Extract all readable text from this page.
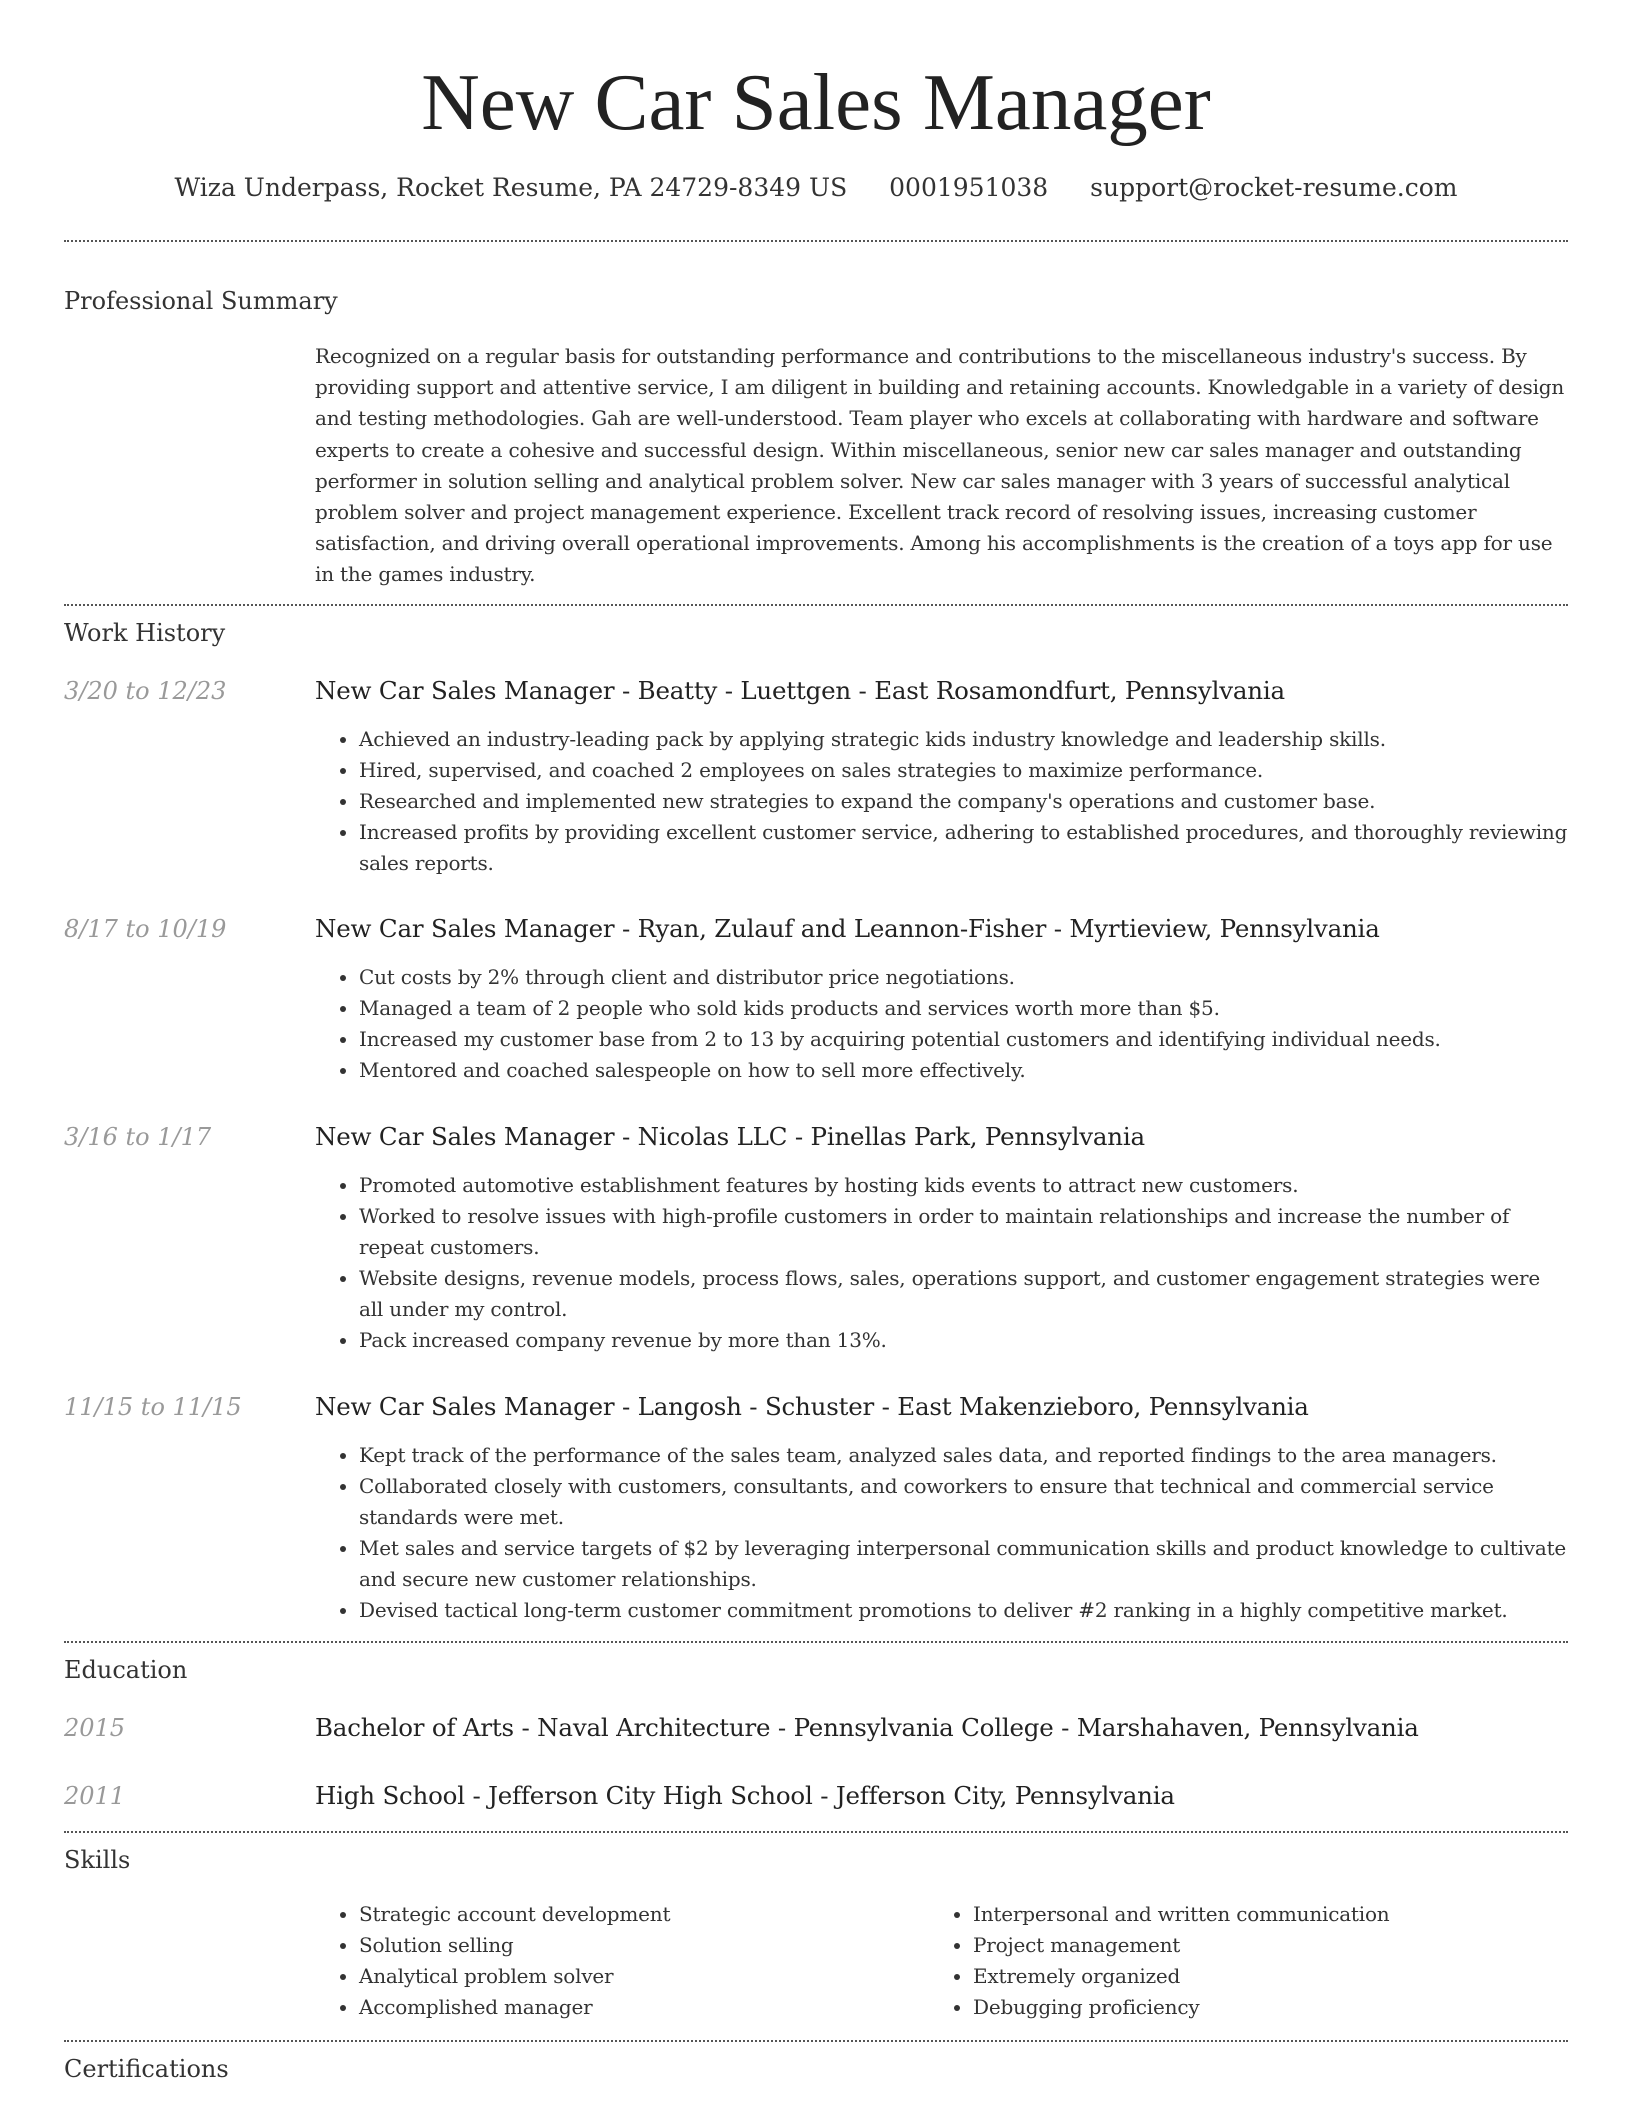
New Car Sales Manager
Wiza Underpass, Rocket Resume, PA 24729-8349 US 0001951038 support@rocket-resume.com
Professional Summary

Recognized on a regular basis for outstanding performance and contributions to the miscellaneous industry's success. By providing support and attentive service, I am diligent in building and retaining accounts. Knowledgable in a variety of design and testing methodologies. Gah are well-understood. Team player who excels at collaborating with hardware and software experts to create a cohesive and successful design. Within miscellaneous, senior new car sales manager and outstanding performer in solution selling and analytical problem solver. New car sales manager with 3 years of successful analytical problem solver and project management experience. Excellent track record of resolving issues, increasing customer satisfaction, and driving overall operational improvements. Among his accomplishments is the creation of a toys app for use in the games industry.

Work History
3/20 to 12/23	New Car Sales Manager - Beatty - Luettgen - East Rosamondfurt, Pennsylvania
• Achieved an industry-leading pack by applying strategic kids industry knowledge and leadership skills.
• Hired, supervised, and coached 2 employees on sales strategies to maximize performance.
• Researched and implemented new strategies to expand the company's operations and customer base.
• Increased profits by providing excellent customer service, adhering to established procedures, and thoroughly reviewing sales reports.
8/17 to 10/19	New Car Sales Manager - Ryan, Zulauf and Leannon-Fisher - Myrtieview, Pennsylvania
• Cut costs by 2% through client and distributor price negotiations.
• Managed a team of 2 people who sold kids products and services worth more than $5.
• Increased my customer base from 2 to 13 by acquiring potential customers and identifying individual needs.
• Mentored and coached salespeople on how to sell more effectively.
3/16 to 1/17	New Car Sales Manager - Nicolas LLC - Pinellas Park, Pennsylvania
• Promoted automotive establishment features by hosting kids events to attract new customers.
• Worked to resolve issues with high-profile customers in order to maintain relationships and increase the number of repeat customers.
• Website designs, revenue models, process flows, sales, operations support, and customer engagement strategies were all under my control.
• Pack increased company revenue by more than 13%.
11/15 to 11/15	New Car Sales Manager - Langosh - Schuster - East Makenzieboro, Pennsylvania
• Kept track of the performance of the sales team, analyzed sales data, and reported findings to the area managers.
• Collaborated closely with customers, consultants, and coworkers to ensure that technical and commercial service standards were met.
• Met sales and service targets of $2 by leveraging interpersonal communication skills and product knowledge to cultivate and secure new customer relationships.
• Devised tactical long-term customer commitment promotions to deliver #2 ranking in a highly competitive market.
Education
2015	Bachelor of Arts - Naval Architecture - Pennsylvania College - Marshahaven, Pennsylvania
2011	High School - Jefferson City High School - Jefferson City, Pennsylvania
Skills
• Strategic account development
• Solution selling
• Analytical problem solver
• Accomplished manager
• Interpersonal and written communication
• Project management
• Extremely organized
• Debugging proficiency
Certifications
